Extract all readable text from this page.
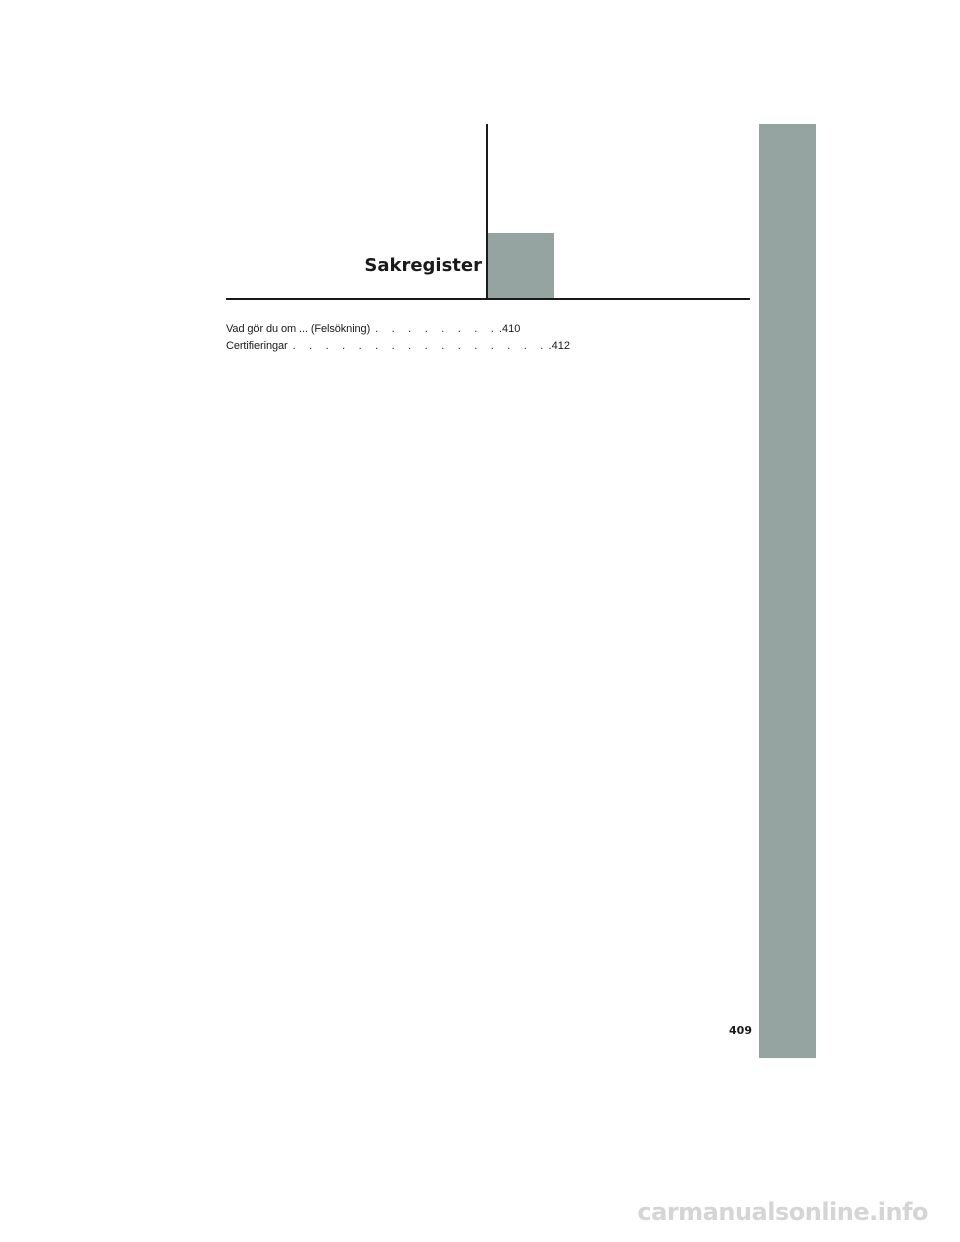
Sakregister
Vad gör du om ... (Felsökning) . . . . . . . . .410
Certifieringar . . . . . . . . . . . . . . . . .412

409

carmanualsonline.info
